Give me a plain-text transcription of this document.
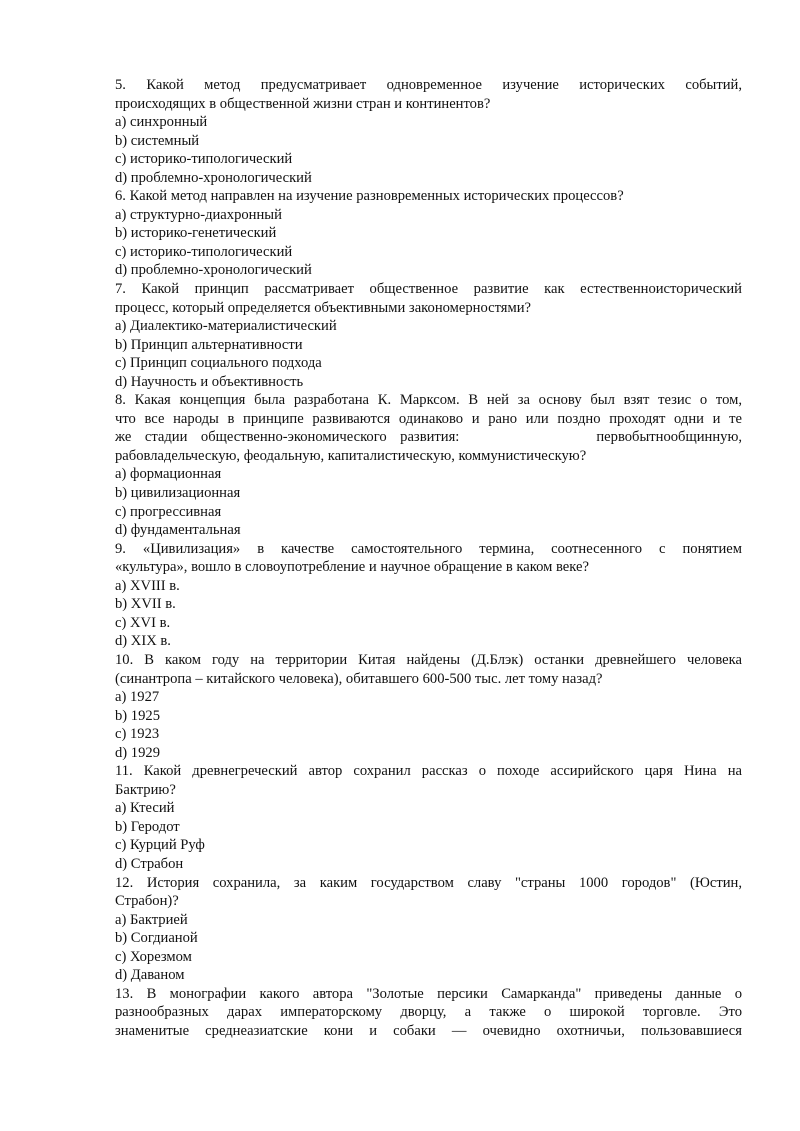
5. Какой метод предусматривает одновременное изучение исторических событий,

происходящих в общественной жизни стран и континентов?

a) синхронный

b) системный

c) историко-типологический

d) проблемно-хронологический

6. Какой метод направлен на изучение разновременных исторических процессов?

a) структурно-диахронный

b) историко-генетический

c) историко-типологический

d) проблемно-хронологический

7. Какой принцип рассматривает общественное развитие как естественноисторический

процесс, который определяется объективными закономерностями?

a) Диалектико-материалистический

b) Принцип альтернативности

c) Принцип социального подхода

d) Научность и объективность

8. Какая концепция была разработана К. Марксом. В ней за основу был взят тезис о том,

что все народы в принципе развиваются одинаково и рано или поздно проходят одни и те

же стадии общественно-экономического развития:	первобытнообщинную,

рабовладельческую, феодальную, капиталистическую, коммунистическую?

a) формационная

b) цивилизационная

c) прогрессивная

d) фундаментальная

9. «Цивилизация» в качестве самостоятельного термина, соотнесенного с понятием

«культура», вошло в словоупотребление и научное обращение в каком веке?

a) XVIII в.

b) XVII в.

c) XVI в.

d) XIX в.

10. В каком году на территории Китая найдены (Д.Блэк) останки древнейшего человека

(синантропа – китайского человека), обитавшего 600-500 тыс. лет тому назад?

a) 1927

b) 1925

c) 1923

d) 1929

11. Какой древнегреческий автор сохранил рассказ о походе ассирийского царя Нина на

Бактрию?

a) Ктесий

b) Геродот

c) Курций Руф

d) Страбон

12. История сохранила, за каким государством славу "страны 1000 городов" (Юстин,

Страбон)?

a) Бактрией

b) Согдианой

c) Хорезмом

d) Даваном

13. В монографии какого автора "Золотые персики Самарканда" приведены данные о

разнообразных дарах императорскому дворцу, а также о широкой торговле. Это

знаменитые среднеазиатские кони и собаки — очевидно охотничьи, пользовавшиеся
